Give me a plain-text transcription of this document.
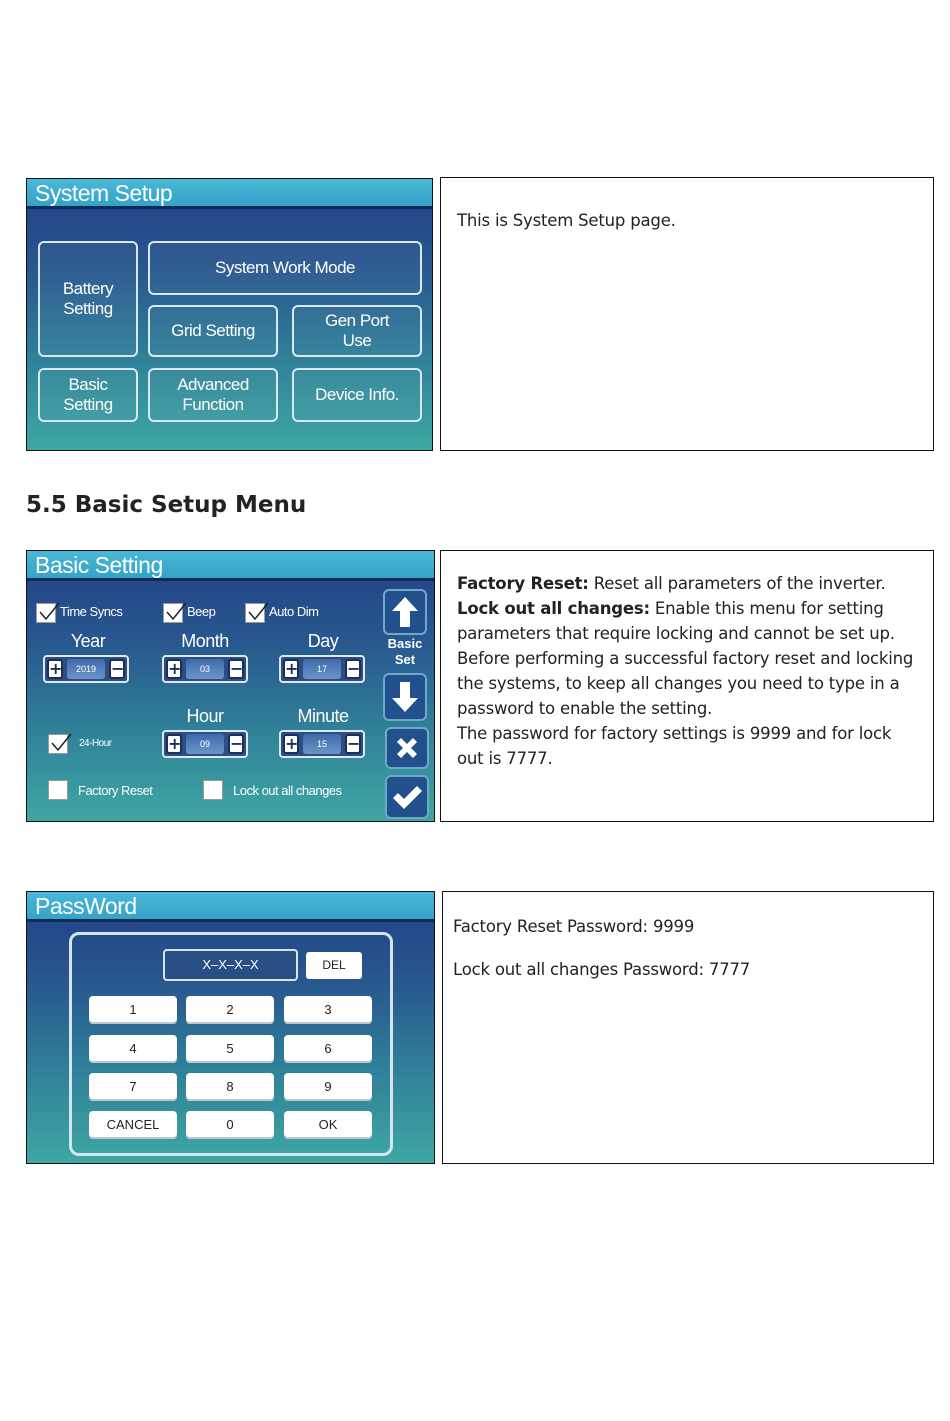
System Setup
Battery
Setting
System Work Mode
Grid Setting
Gen Port
Use
Basic
Setting
Advanced
Function
Device Info.

This is System Setup page.

5.5 Basic Setup Menu
Basic Setting
Time Syncs	Beep	Auto Dim
Year	Month	Day
+	2019 −	+	03	−	+	17	−
Hour	Minute
24-Hour	+	09	−	+	15	−
Factory Reset	Lock out all changes
Basic
Set

Factory Reset: Reset all parameters of the inverter.

Lock out all changes: Enable this menu for setting parameters that require locking and cannot be set up. Before performing a successful factory reset and locking the systems, to keep all changes you need to type in a password to enable the setting.

The password for factory settings is 9999 and for lock out is 7777.

PassWord
X–X–X–X	DEL
1	2	3
4	5	6
7	8	9
CANCEL	0	OK

Factory Reset Password: 9999

Lock out all changes Password: 7777
